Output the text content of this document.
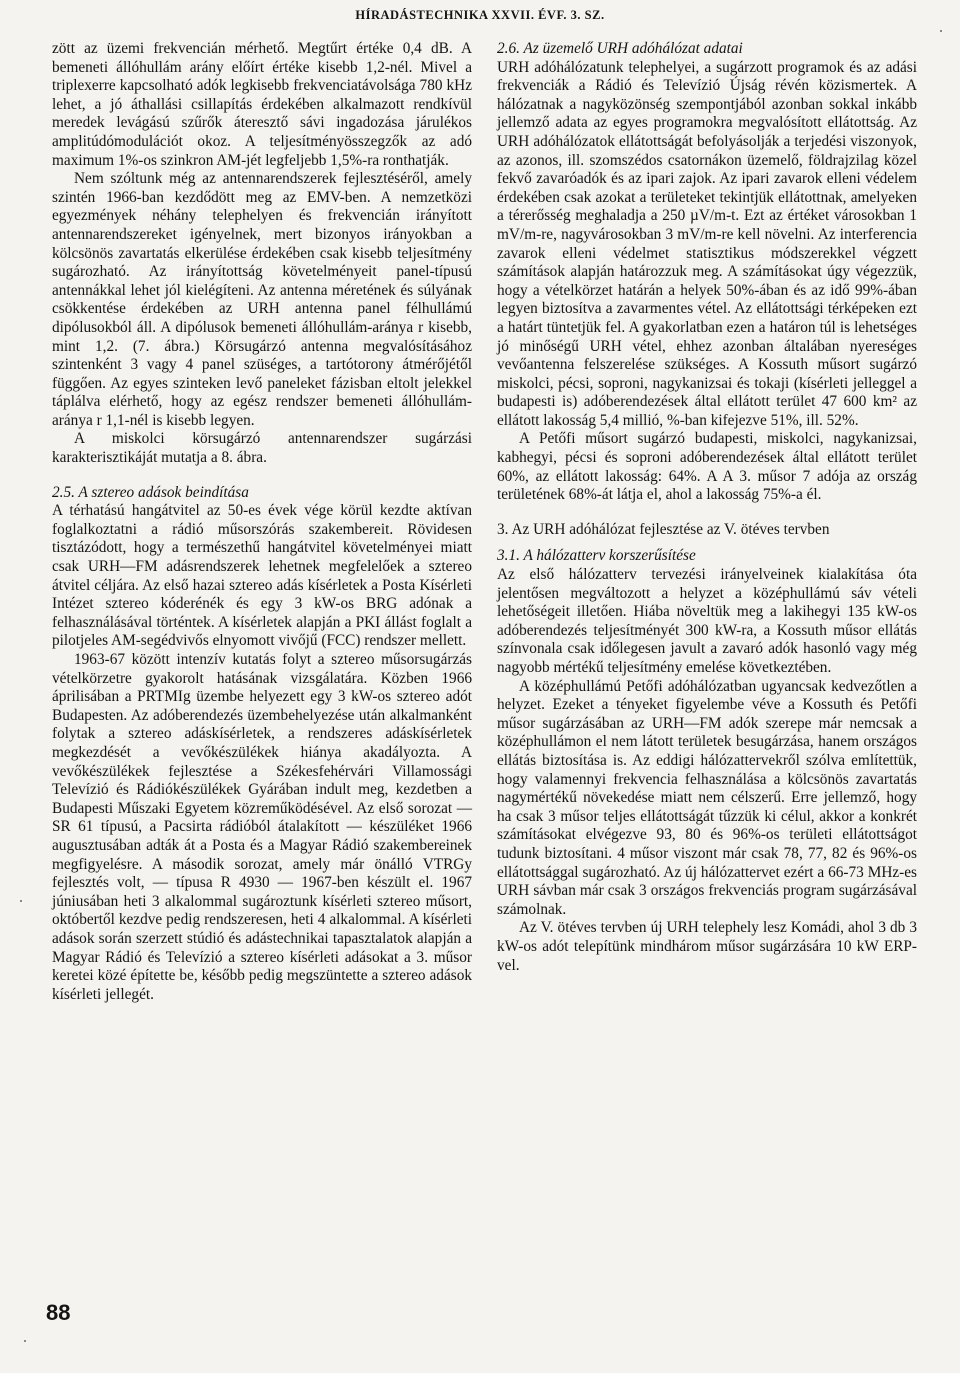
HÍRADÁSTECHNIKA XXVII. ÉVF. 3. SZ.

zött az üzemi frekvencián mérhető. Megtűrt értéke 0,4 dB. A bemeneti állóhullám arány előírt értéke kisebb 1,2-nél. Mivel a triplexerre kapcsolható adók legkisebb frekvenciatávolsága 780 kHz lehet, a jó áthallási csillapítás érdekében alkalmazott rendkívül meredek levágású szűrők áteresztő sávi ingadozása járulékos amplitúdómodulációt okoz. A teljesítményösszegzők az adó maximum 1%-os szinkron AM-jét legfeljebb 1,5%-ra ronthatják.

Nem szóltunk még az antennarendszerek fejlesztéséről, amely szintén 1966-ban kezdődött meg az EMV-ben. A nemzetközi egyezmények néhány telephelyen és frekvencián irányított antennarendszereket igényelnek, mert bizonyos irányokban a kölcsönös zavartatás elkerülése érdekében csak kisebb teljesítmény sugározható. Az irányítottság követelményeit panel-típusú antennákkal lehet jól kielégíteni. Az antenna méretének és súlyának csökkentése érdekében az URH antenna panel félhullámú dipólusokból áll. A dipólusok bemeneti állóhullám-aránya r kisebb, mint 1,2. (7. ábra.) Körsugárzó antenna megvalósításához szintenként 3 vagy 4 panel szüséges, a tartótorony átmérőjétől függően. Az egyes szinteken levő paneleket fázisban eltolt jelekkel táplálva elérhető, hogy az egész rendszer bemeneti állóhullám-aránya r 1,1-nél is kisebb legyen.

A miskolci körsugárzó antennarendszer sugárzási karakterisztikáját mutatja a 8. ábra.

2.5. A sztereo adások beindítása

A térhatású hangátvitel az 50-es évek vége körül kezdte aktívan foglalkoztatni a rádió műsorszórás szakembereit. Rövidesen tisztázódott, hogy a természethű hangátvitel követelményei miatt csak URH—FM adásrendszerek lehetnek megfelelőek a sztereo átvitel céljára. Az első hazai sztereo adás kísérletek a Posta Kísérleti Intézet sztereo kóderénék és egy 3 kW-os BRG adónak a felhasználásával történtek. A kísérletek alapján a PKI állást foglalt a pilotjeles AM-segédvivős elnyomott vivőjű (FCC) rendszer mellett.

1963-67 között intenzív kutatás folyt a sztereo műsorsugárzás vételkörzetre gyakorolt hatásának vizsgálatára. Közben 1966 áprilisában a PRTMIg üzembe helyezett egy 3 kW-os sztereo adót Budapesten. Az adóberendezés üzembehelyezése után alkalmanként folytak a sztereo adáskísérletek, a rendszeres adáskísérletek megkezdését a vevőkészülékek hiánya akadályozta. A vevőkészülékek fejlesztése a Székesfehérvári Villamossági Televízió és Rádiókészülékek Gyárában indult meg, kezdetben a Budapesti Műszaki Egyetem közreműködésével. Az első sorozat — SR 61 típusú, a Pacsirta rádióból átalakított — készüléket 1966 augusztusában adták át a Posta és a Magyar Rádió szakembereinek megfigyelésre. A második sorozat, amely már önálló VTRGy fejlesztés volt, — típusa R 4930 — 1967-ben készült el. 1967 júniusában heti 3 alkalommal sugároztunk kísérleti sztereo műsort, októbertől kezdve pedig rendszeresen, heti 4 alkalommal. A kísérleti adások során szerzett stúdió és adástechnikai tapasztalatok alapján a Magyar Rádió és Televízió a sztereo kísérleti adásokat a 3. műsor keretei közé építette be, később pedig megszüntette a sztereo adások kísérleti jellegét.

2.6. Az üzemelő URH adóhálózat adatai

URH adóhálózatunk telephelyei, a sugárzott programok és az adási frekvenciák a Rádió és Televízió Újság révén közismertek. A hálózatnak a nagyközönség szempontjából azonban sokkal inkább jellemző adata az egyes programokra megvalósított ellátottság. Az URH adóhálózatok ellátottságát befolyásolják a terjedési viszonyok, az azonos, ill. szomszédos csatornákon üzemelő, földrajzilag közel fekvő zavaróadók és az ipari zajok. Az ipari zavarok elleni védelem érdekében csak azokat a területeket tekintjük ellátottnak, amelyeken a térerősség meghaladja a 250 µV/m-t. Ezt az értéket városokban 1 mV/m-re, nagyvárosokban 3 mV/m-re kell növelni. Az interferencia zavarok elleni védelmet statisztikus módszerekkel végzett számítások alapján határozzuk meg. A számításokat úgy végezzük, hogy a vételkörzet határán a helyek 50%-ában és az idő 99%-ában legyen biztosítva a zavarmentes vétel. Az ellátottsági térképeken ezt a határt tüntetjük fel. A gyakorlatban ezen a határon túl is lehetséges jó minőségű URH vétel, ehhez azonban általában nyereséges vevőantenna felszerelése szükséges. A Kossuth műsort sugárzó miskolci, pécsi, soproni, nagykanizsai és tokaji (kísérleti jelleggel a budapesti is) adóberendezések által ellátott terület 47 600 km² az ellátott lakosság 5,4 millió, %-ban kifejezve 51%, ill. 52%.

A Petőfi műsort sugárzó budapesti, miskolci, nagykanizsai, kabhegyi, pécsi és soproni adóberendezések által ellátott terület 60%, az ellátott lakosság: 64%. A A 3. műsor 7 adója az ország területének 68%-át látja el, ahol a lakosság 75%-a él.

3. Az URH adóhálózat fejlesztése az V. ötéves tervben
3.1. A hálózatterv korszerűsítése

Az első hálózatterv tervezési irányelveinek kialakítása óta jelentősen megváltozott a helyzet a középhullámú sáv vételi lehetőségeit illetően. Hiába növeltük meg a lakihegyi 135 kW-os adóberendezés teljesítményét 300 kW-ra, a Kossuth műsor ellátás színvonala csak időlegesen javult a zavaró adók hasonló vagy még nagyobb mértékű teljesítmény emelése következtében.

A középhullámú Petőfi adóhálózatban ugyancsak kedvezőtlen a helyzet. Ezeket a tényeket figyelembe véve a Kossuth és Petőfi műsor sugárzásában az URH—FM adók szerepe már nemcsak a középhullámon el nem látott területek besugárzása, hanem országos ellátás biztosítása is. Az eddigi hálózattervekről szólva említettük, hogy valamennyi frekvencia felhasználása a kölcsönös zavartatás nagymértékű növekedése miatt nem célszerű. Erre jellemző, hogy ha csak 3 műsor teljes ellátottságát tűzzük ki célul, akkor a konkrét számításokat elvégezve 93, 80 és 96%-os területi ellátottságot tudunk biztosítani. 4 műsor viszont már csak 78, 77, 82 és 96%-os ellátottsággal sugározható. Az új hálózattervet ezért a 66-73 MHz-es URH sávban már csak 3 országos frekvenciás program sugárzásával számolnak.

Az V. ötéves tervben új URH telephely lesz Komádi, ahol 3 db 3 kW-os adót telepítünk mindhárom műsor sugárzására 10 kW ERP-vel.

88
